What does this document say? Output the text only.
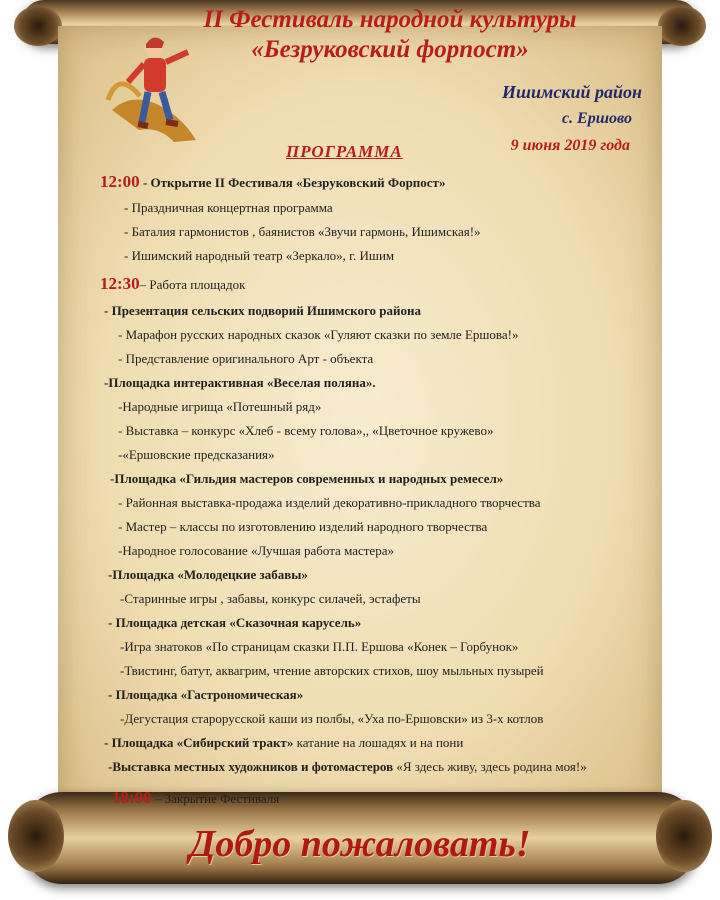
II Фестиваль народной культуры
«Безруковский форпост»
Ишимский район
с. Ершово
9 июня 2019 года
ПРОГРАММА
12:00 - Открытие II Фестиваля «Безруковский Форпост»
- Праздничная концертная программа
- Баталия гармонистов , баянистов «Звучи гармонь, Ишимская!»
- Ишимский народный театр «Зеркало», г. Ишим
12:30– Работа площадок
- Презентация сельских подворий Ишимского района
- Марафон русских народных сказок «Гуляют сказки по земле Ершова!»
- Представление оригинального Арт - объекта
-Площадка интерактивная «Веселая поляна».
-Народные игрища «Потешный ряд»
- Выставка – конкурс «Хлеб - всему голова»,, «Цветочное кружево»
-«Ершовские предсказания»
-Площадка «Гильдия мастеров современных и народных ремесел»
- Районная выставка-продажа изделий декоративно-прикладного творчества
- Мастер – классы по изготовлению изделий народного творчества
-Народное голосование «Лучшая работа мастера»
-Площадка «Молодецкие забавы»
-Старинные игры , забавы, конкурс силачей, эстафеты
- Площадка детская «Сказочная карусель»
-Игра знатоков «По страницам сказки П.П. Ершова «Конек – Горбунок»
-Твистинг, батут, аквагрим, чтение авторских стихов, шоу мыльных пузырей
- Площадка «Гастрономическая»
-Дегустация старорусской каши из полбы, «Уха по-Ершовски» из 3-х котлов
- Площадка «Сибирский тракт» катание на лошадях и на пони
-Выставка местных художников и фотомастеров «Я здесь живу, здесь родина моя!»
18:00 – Закрытие Фестиваля
Добро пожаловать!
